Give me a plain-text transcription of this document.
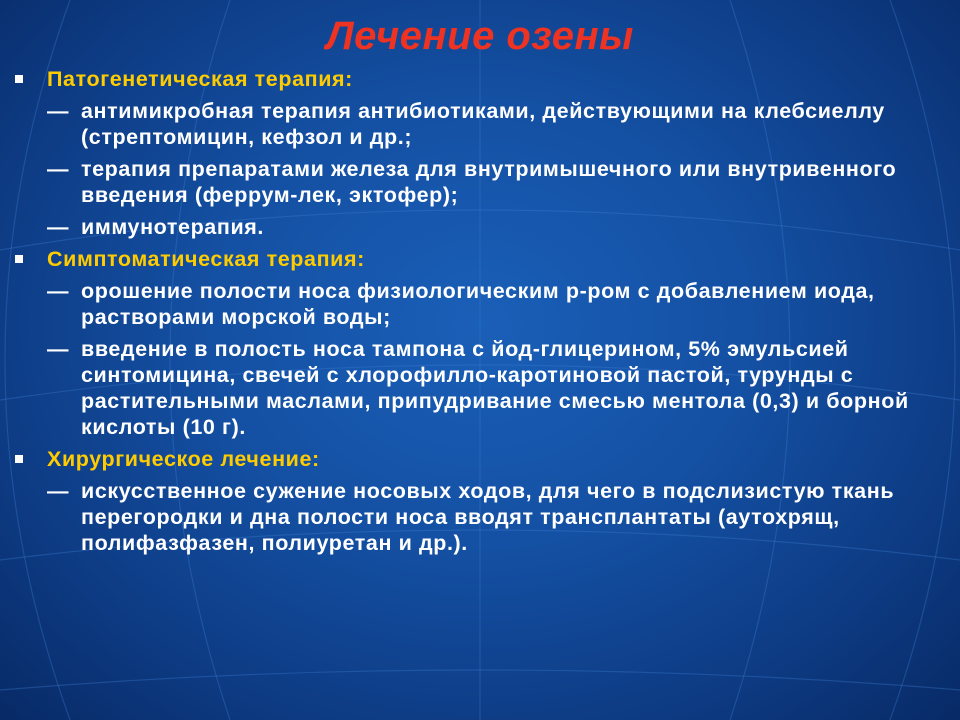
Лечение озены
Патогенетическая терапия:
— антимикробная терапия антибиотиками, действующими на клебсиеллу (стрептомицин, кефзол и др.;
— терапия препаратами железа для внутримышечного или внутривенного введения (феррум-лек, эктофер);
— иммунотерапия.
Симптоматическая терапия:
— орошение полости носа физиологическим р-ром с добавлением иода, растворами морской воды;
— введение в полость носа тампона с йод-глицерином, 5% эмульсией синтомицина, свечей с хлорофилло-каротиновой пастой, турунды с растительными маслами, припудривание смесью ментола (0,3) и борной кислоты (10 г).
Хирургическое лечение:
— искусственное сужение носовых ходов, для чего в подслизистую ткань перегородки и дна полости носа вводят трансплантаты (аутохрящ, полифазфазен, полиуретан и др.).
